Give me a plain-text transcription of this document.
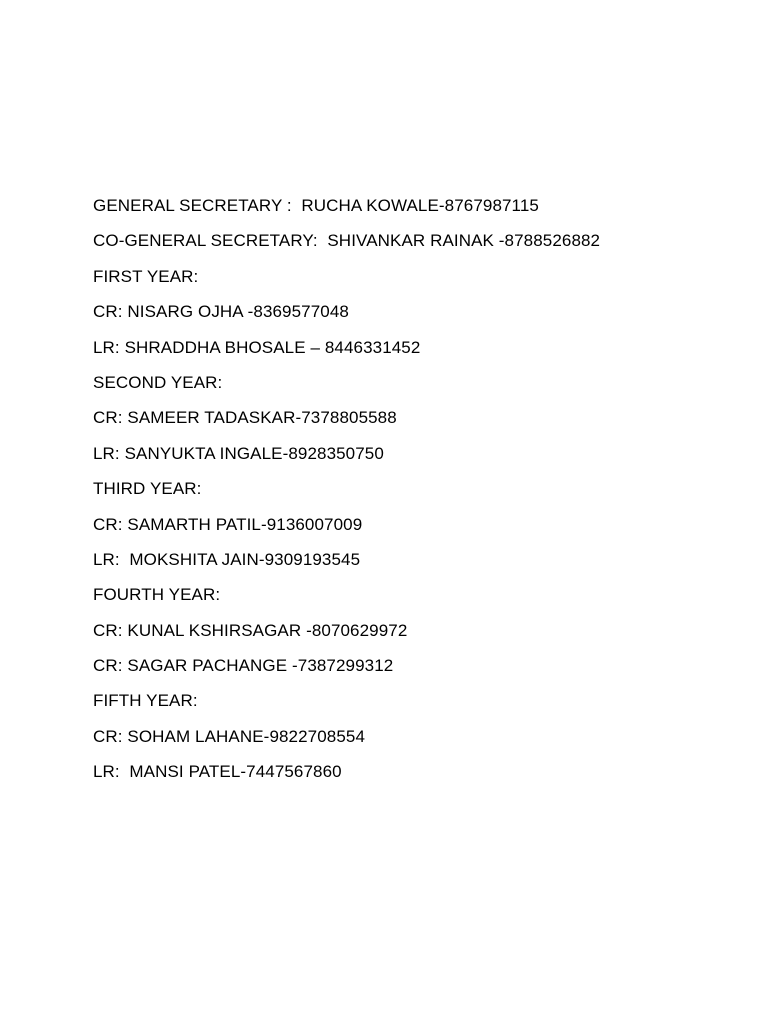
GENERAL SECRETARY :  RUCHA KOWALE-8767987115
CO-GENERAL SECRETARY:  SHIVANKAR RAINAK -8788526882
FIRST YEAR:
CR: NISARG OJHA -8369577048
LR: SHRADDHA BHOSALE – 8446331452
SECOND YEAR:
CR: SAMEER TADASKAR-7378805588
LR: SANYUKTA INGALE-8928350750
THIRD YEAR:
CR: SAMARTH PATIL-9136007009
LR:  MOKSHITA JAIN-9309193545
FOURTH YEAR:
CR: KUNAL KSHIRSAGAR -8070629972
CR: SAGAR PACHANGE -7387299312
FIFTH YEAR:
CR: SOHAM LAHANE-9822708554
LR:  MANSI PATEL-7447567860
